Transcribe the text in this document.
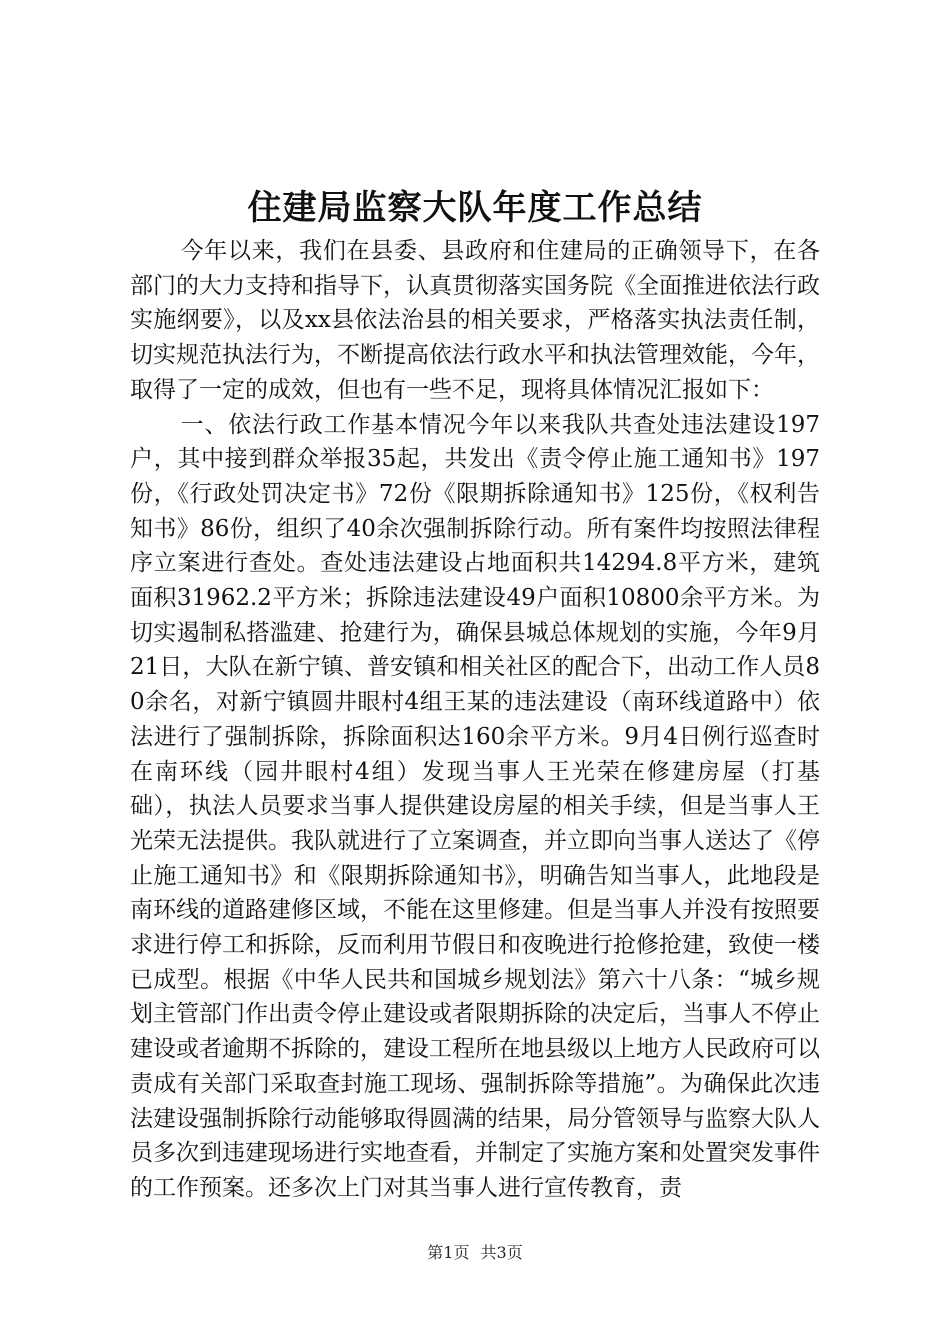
住建局监察大队年度工作总结

今年以来，我们在县委、县政府和住建局的正确领导下，在各部门的大力支持和指导下，认真贯彻落实国务院《全面推进依法行政实施纲要》，以及xx县依法治县的相关要求，严格落实执法责任制，切实规范执法行为，不断提高依法行政水平和执法管理效能，今年，取得了一定的成效，但也有一些不足，现将具体情况汇报如下：

一、依法行政工作基本情况今年以来我队共查处违法建设197户，其中接到群众举报35起，共发出《责令停止施工通知书》197份，《行政处罚决定书》72份《限期拆除通知书》125份，《权利告知书》86份，组织了40余次强制拆除行动。所有案件均按照法律程序立案进行查处。查处违法建设占地面积共14294.8平方米，建筑面积31962.2平方米；拆除违法建设49户面积10800余平方米。为切实遏制私搭滥建、抢建行为，确保县城总体规划的实施，今年9月21日，大队在新宁镇、普安镇和相关社区的配合下，出动工作人员80余名，对新宁镇圆井眼村4组王某的违法建设（南环线道路中）依法进行了强制拆除，拆除面积达160余平方米。9月4日例行巡查时在南环线（园井眼村4组）发现当事人王光荣在修建房屋（打基础），执法人员要求当事人提供建设房屋的相关手续，但是当事人王光荣无法提供。我队就进行了立案调查，并立即向当事人送达了《停止施工通知书》和《限期拆除通知书》，明确告知当事人，此地段是南环线的道路建修区域，不能在这里修建。但是当事人并没有按照要求进行停工和拆除，反而利用节假日和夜晚进行抢修抢建，致使一楼已成型。根据《中华人民共和国城乡规划法》第六十八条：“城乡规划主管部门作出责令停止建设或者限期拆除的决定后，当事人不停止建设或者逾期不拆除的，建设工程所在地县级以上地方人民政府可以责成有关部门采取查封施工现场、强制拆除等措施”。为确保此次违法建设强制拆除行动能够取得圆满的结果，局分管领导与监察大队人员多次到违建现场进行实地查看，并制定了实施方案和处置突发事件的工作预案。还多次上门对其当事人进行宣传教育，责

第1页 共3页
